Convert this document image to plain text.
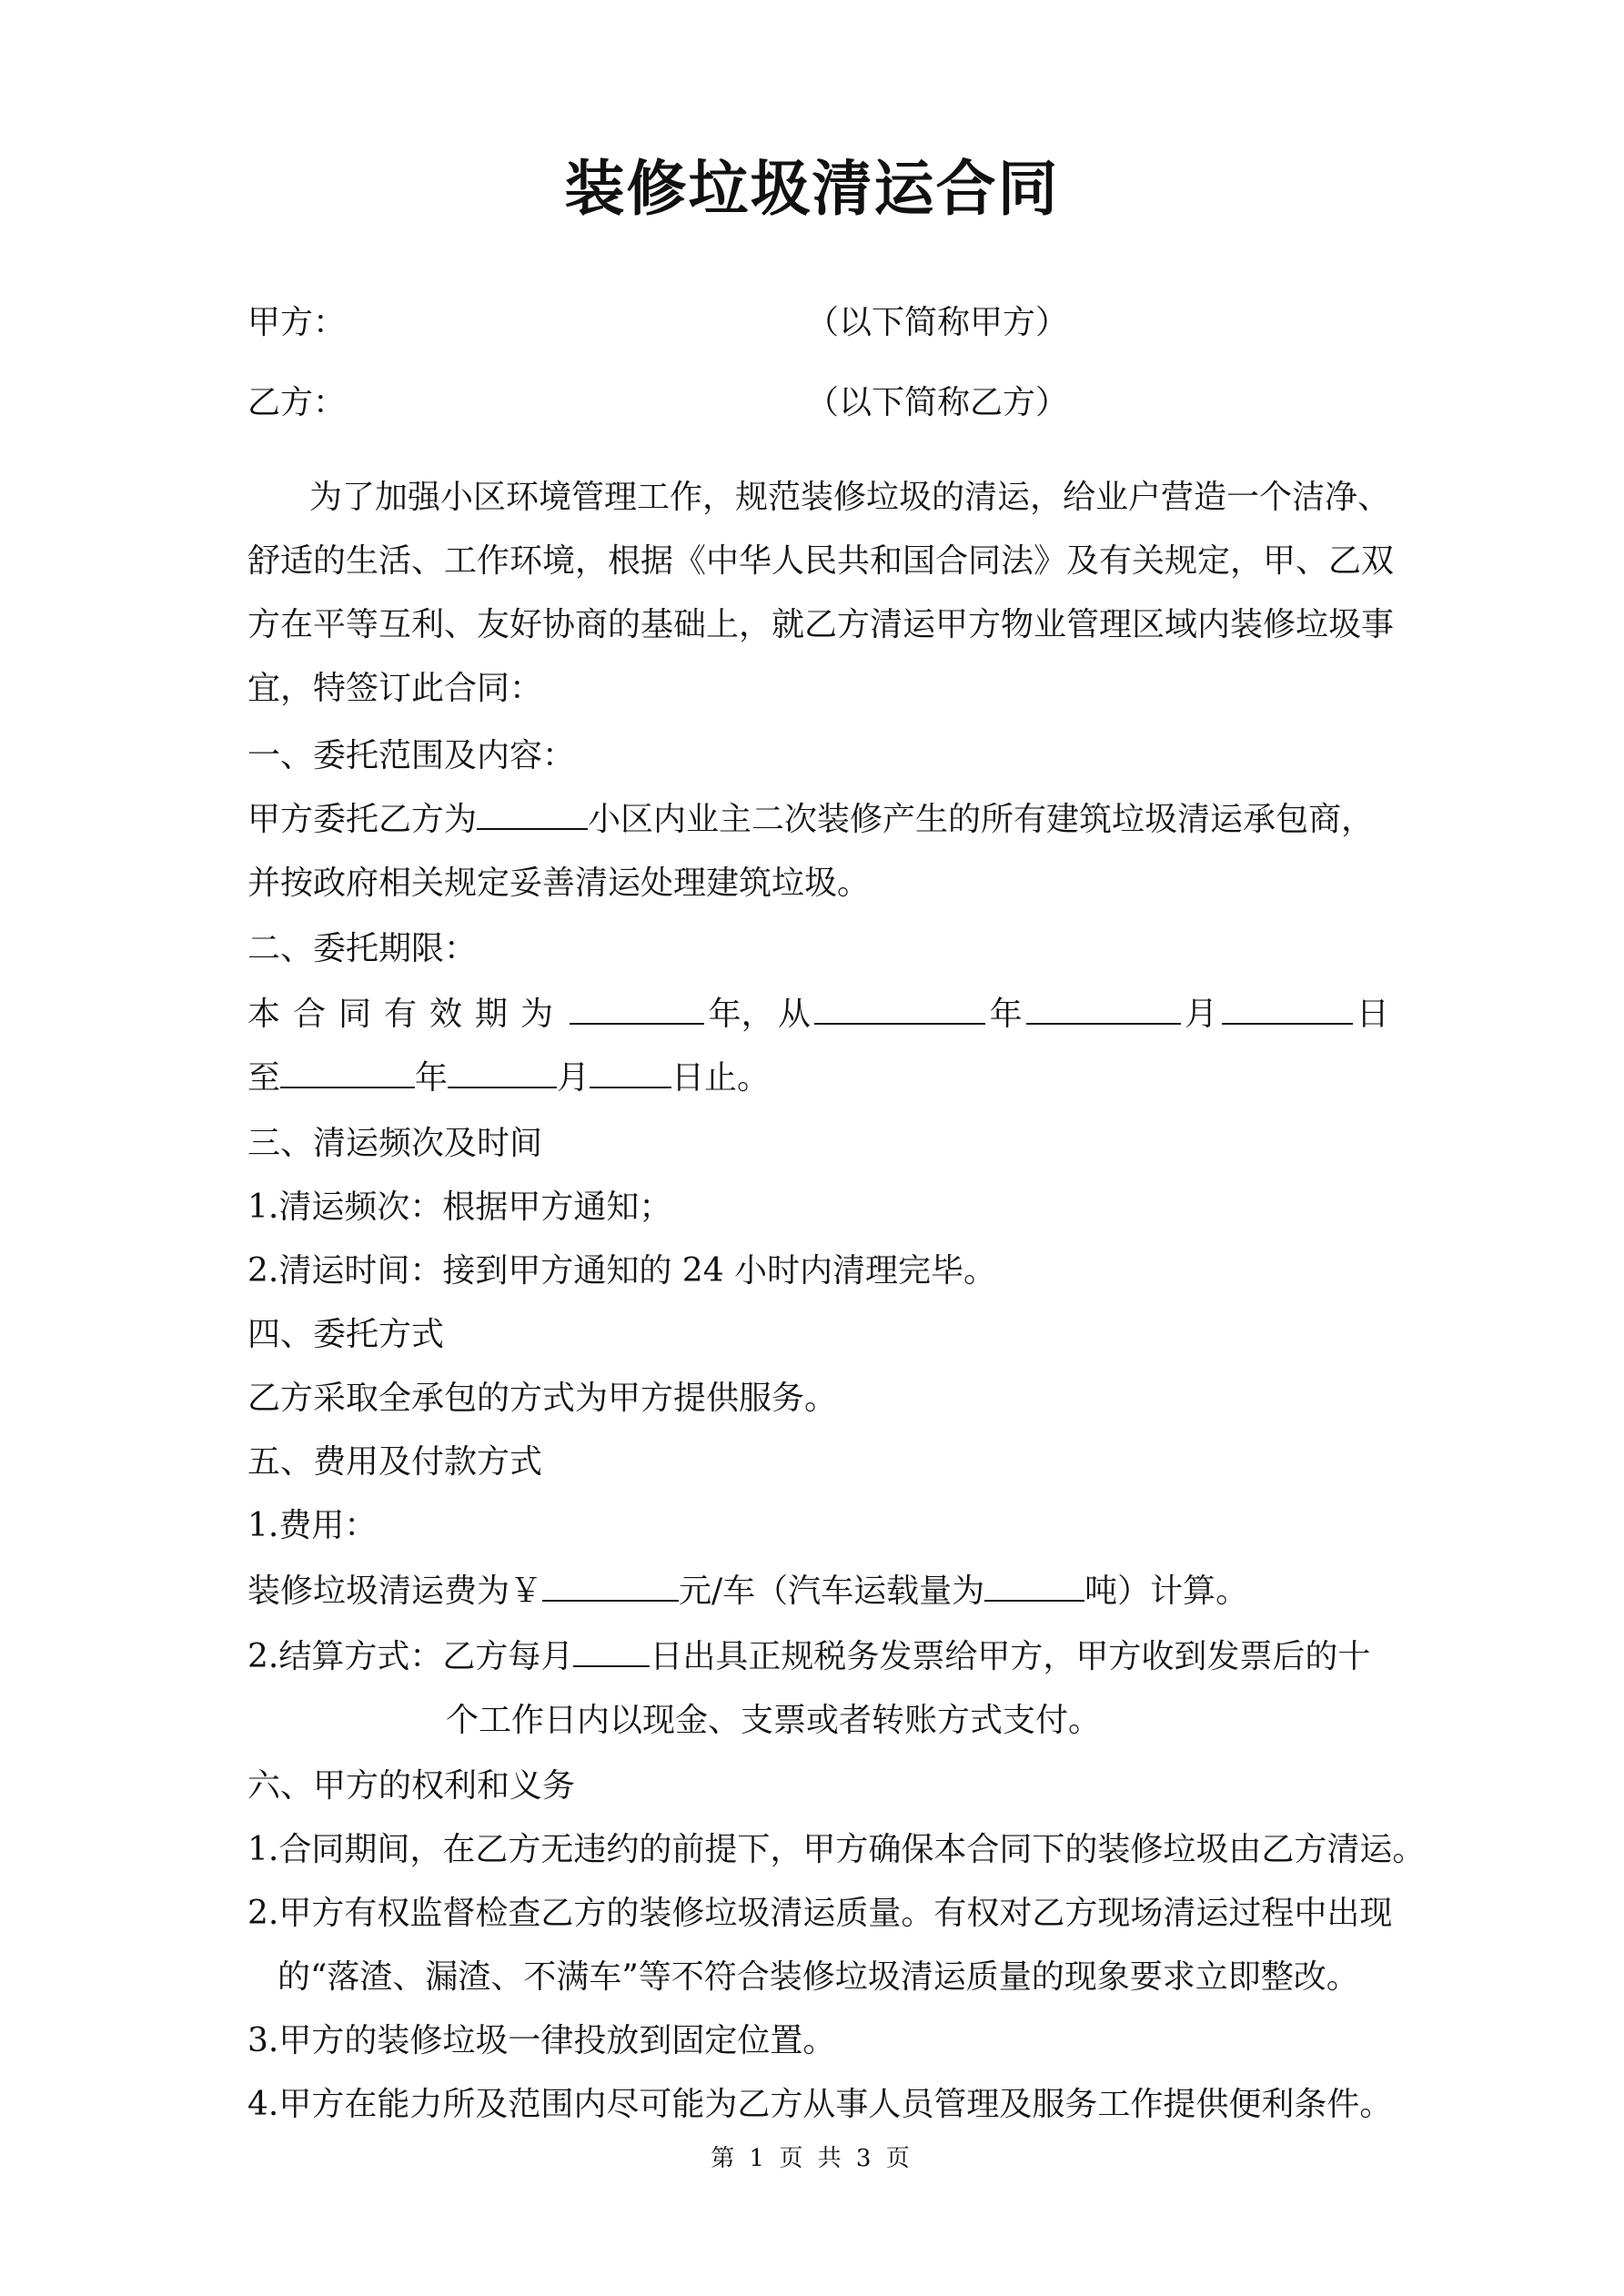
装修垃圾清运合同
甲方：	（以下简称甲方）
乙方：	（以下简称乙方）
为了加强小区环境管理工作，规范装修垃圾的清运，给业户营造一个洁净、
舒适的生活、工作环境，根据《中华人民共和国合同法》及有关规定，甲、乙双
方在平等互利、友好协商的基础上，就乙方清运甲方物业管理区域内装修垃圾事
宜，特签订此合同：
一、委托范围及内容：
甲方委托乙方为	小区内业主二次装修产生的所有建筑垃圾清运承包商，
并按政府相关规定妥善清运处理建筑垃圾。
二、委托期限：
本合同有效期为	年， 从	年	月	日
至	年	月	日止。
三、清运频次及时间
1.清运频次：根据甲方通知；
2.清运时间：接到甲方通知的 24 小时内清理完毕。
四、委托方式
乙方采取全承包的方式为甲方提供服务。
五、费用及付款方式
1.费用：
装修垃圾清运费为￥	元/车（汽车运载量为	吨）计算。
2.结算方式：乙方每月 日出具正规税务发票给甲方，甲方收到发票后的十
个工作日内以现金、支票或者转账方式支付。
六、甲方的权利和义务
1.合同期间，在乙方无违约的前提下，甲方确保本合同下的装修垃圾由乙方清运。
2.甲方有权监督检查乙方的装修垃圾清运质量。有权对乙方现场清运过程中出现
的“落渣、漏渣、不满车”等不符合装修垃圾清运质量的现象要求立即整改。
3.甲方的装修垃圾一律投放到固定位置。
4.甲方在能力所及范围内尽可能为乙方从事人员管理及服务工作提供便利条件。
第 1 页 共 3 页
